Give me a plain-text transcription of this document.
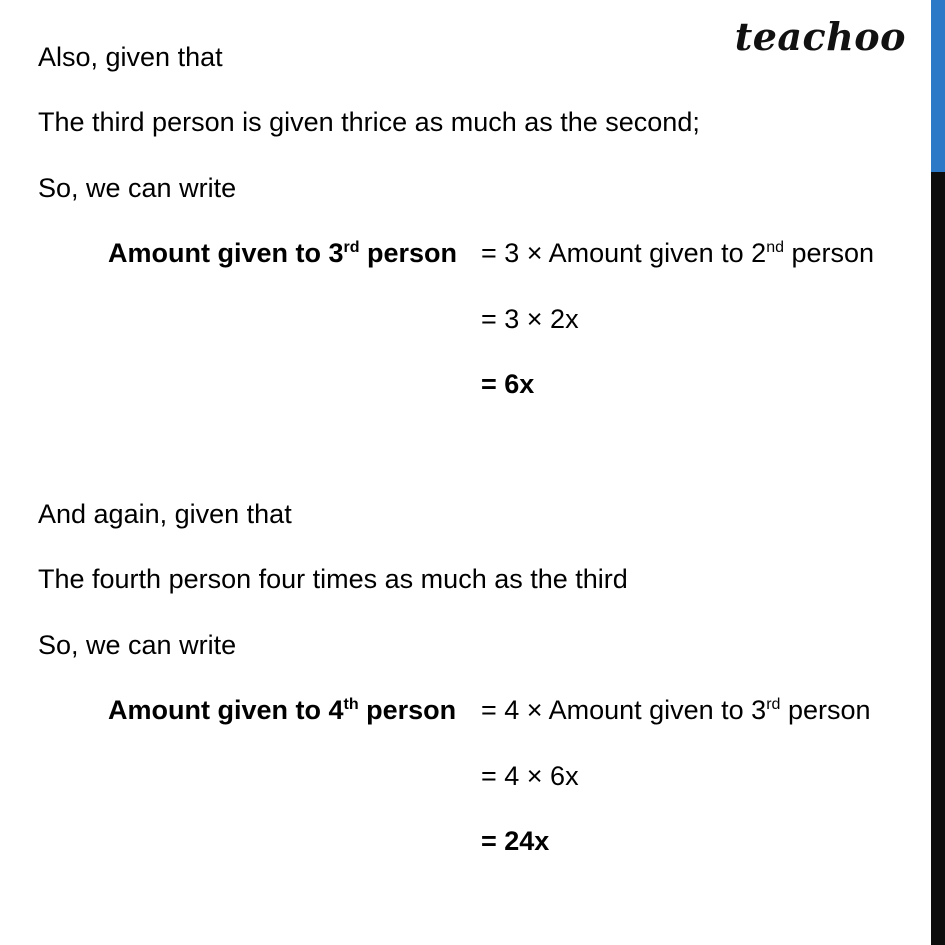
teachoo
Also, given that
The third person is given thrice as much as the second;
So, we can write
Amount given to 3rd person = 3 × Amount given to 2nd person
= 3 × 2x
= 6x
And again, given that
The fourth person four times as much as the third
So, we can write
Amount given to 4th person = 4 × Amount given to 3rd person
= 4 × 6x
= 24x
